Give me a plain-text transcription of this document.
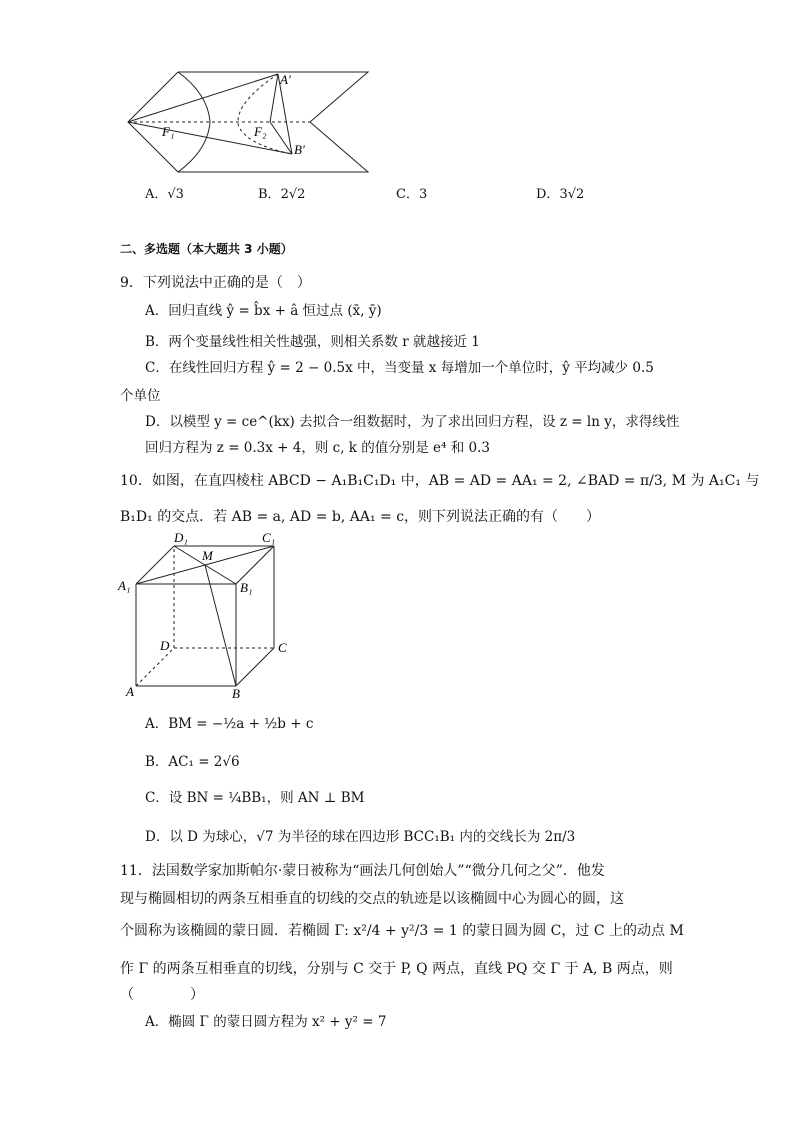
A′
B′
F₁	F₂
A．√3	B．2√2	C．3	D．3√2
二、多选题（本大题共 3 小题）
9．下列说法中正确的是（　）
A．回归直线 ŷ = b̂x + â 恒过点 (x̄, ȳ)
B．两个变量线性相关性越强，则相关系数 r 就越接近 1
C．在线性回归方程 ŷ = 2 − 0.5x 中，当变量 x 每增加一个单位时，ŷ 平均减少 0.5
个单位
D．以模型 y = ce^(kx) 去拟合一组数据时，为了求出回归方程，设 z = ln y，求得线性
回归方程为 z = 0.3x + 4，则 c, k 的值分别是 e⁴ 和 0.3
10．如图，在直四棱柱 ABCD − A₁B₁C₁D₁ 中，AB = AD = AA₁ = 2, ∠BAD = π/3, M 为 A₁C₁ 与
B₁D₁ 的交点．若 AB = a, AD = b, AA₁ = c，则下列说法正确的有（　　）
A	B
C
D
A₁	B₁
C₁
D₁
M
A．BM = −½a + ½b + c
B．AC₁ = 2√6
C．设 BN = ¼BB₁，则 AN ⊥ BM
D．以 D 为球心，√7 为半径的球在四边形 BCC₁B₁ 内的交线长为 2π/3
11．法国数学家加斯帕尔·蒙日被称为“画法几何创始人”“微分几何之父”．他发
现与椭圆相切的两条互相垂直的切线的交点的轨迹是以该椭圆中心为圆心的圆，这
个圆称为该椭圆的蒙日圆．若椭圆 Γ: x²/4 + y²/3 = 1 的蒙日圆为圆 C，过 C 上的动点 M
作 Γ 的两条互相垂直的切线，分别与 C 交于 P, Q 两点，直线 PQ 交 Γ 于 A, B 两点，则
（　　　　）
A．椭圆 Γ 的蒙日圆方程为 x² + y² = 7
